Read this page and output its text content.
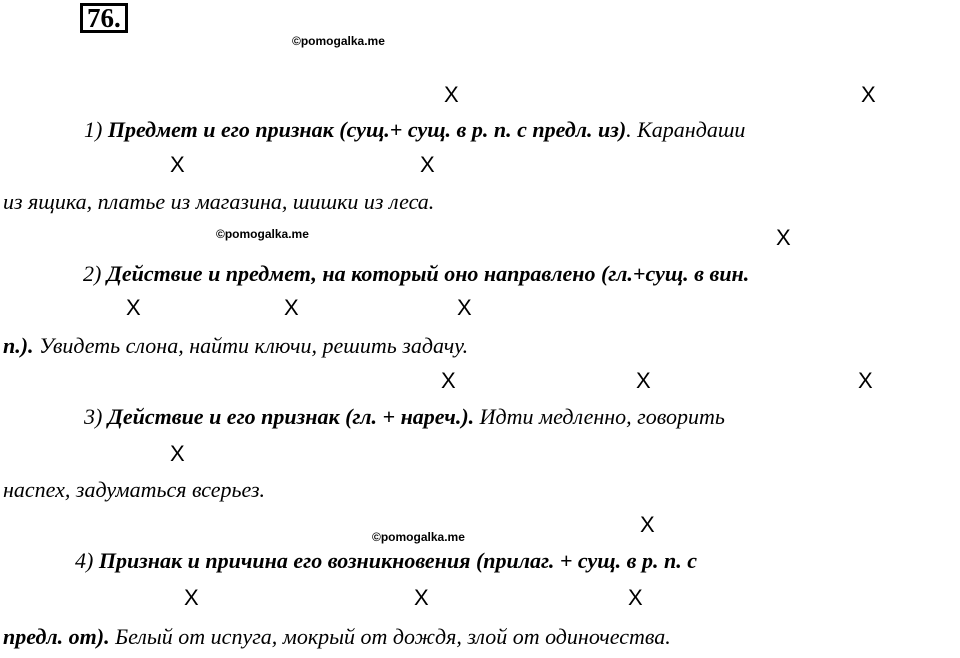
76.
©pomogalka.me
©pomogalka.me
©pomogalka.me
X	X
1) Предмет и его признак (сущ.+ сущ. в р. п. с предл. из). Карандаши
X	X
из ящика, платье из магазина, шишки из леса.
X
2) Действие и предмет, на который оно направлено (гл.+сущ. в вин.
X	X	X
п.). Увидеть слона, найти ключи, решить задачу.
X	X	X
3) Действие и его признак (гл. + нареч.). Идти медленно, говорить
X
наспех, задуматься всерьез.
X
4) Признак и причина его возникновения (прилаг. + сущ. в р. п. с
X	X	X
предл. от). Белый от испуга, мокрый от дождя, злой от одиночества.
